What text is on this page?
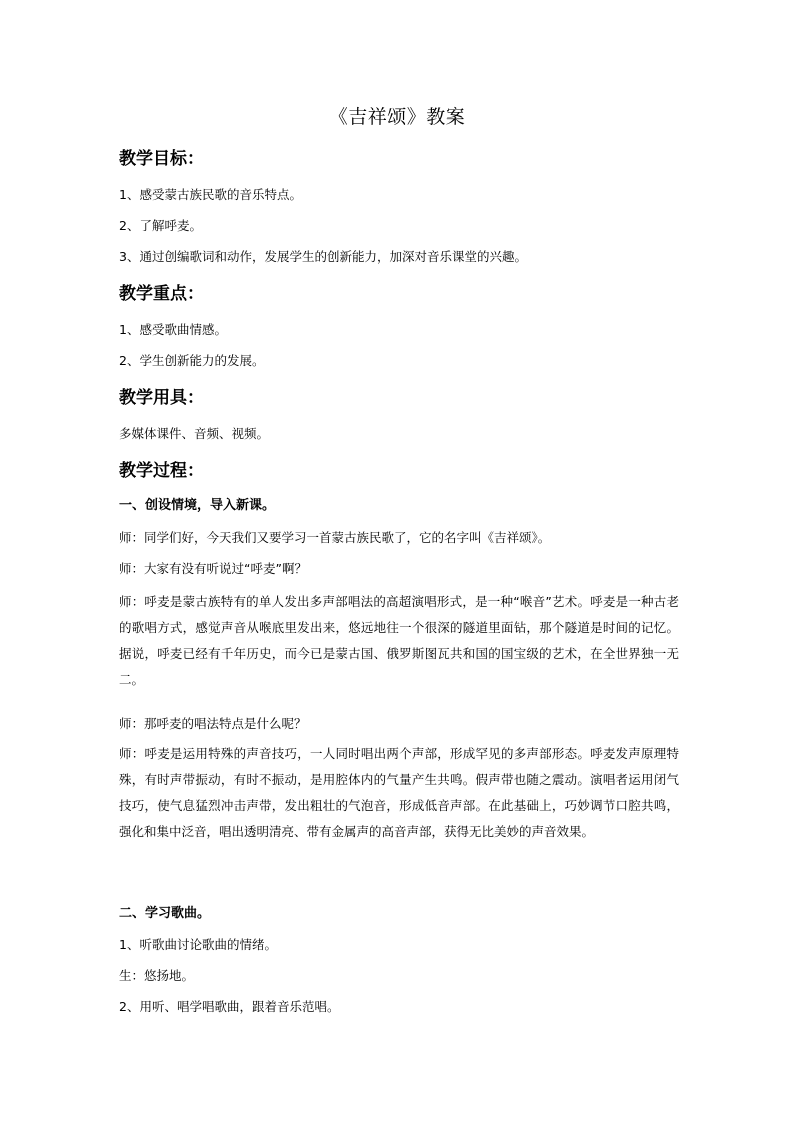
《吉祥颂》教案
教学目标：
1、感受蒙古族民歌的音乐特点。
2、了解呼麦。
3、通过创编歌词和动作，发展学生的创新能力，加深对音乐课堂的兴趣。
教学重点：
1、感受歌曲情感。
2、学生创新能力的发展。
教学用具：
多媒体课件、音频、视频。
教学过程：
一、创设情境，导入新课。
师：同学们好，今天我们又要学习一首蒙古族民歌了，它的名字叫《吉祥颂》。
师：大家有没有听说过“呼麦”啊？
师：呼麦是蒙古族特有的单人发出多声部唱法的高超演唱形式，是一种“喉音”艺术。呼麦是一种古老的歌唱方式，感觉声音从喉底里发出来，悠远地往一个很深的隧道里面钻，那个隧道是时间的记忆。据说，呼麦已经有千年历史，而今已是蒙古国、俄罗斯图瓦共和国的国宝级的艺术，在全世界独一无二。
师：那呼麦的唱法特点是什么呢？
师：呼麦是运用特殊的声音技巧，一人同时唱出两个声部，形成罕见的多声部形态。呼麦发声原理特殊，有时声带振动，有时不振动，是用腔体内的气量产生共鸣。假声带也随之震动。演唱者运用闭气技巧，使气息猛烈冲击声带，发出粗壮的气泡音，形成低音声部。在此基础上，巧妙调节口腔共鸣，强化和集中泛音，唱出透明清亮、带有金属声的高音声部，获得无比美妙的声音效果。
二、学习歌曲。
1、听歌曲讨论歌曲的情绪。
生：悠扬地。
2、用听、唱学唱歌曲，跟着音乐范唱。
